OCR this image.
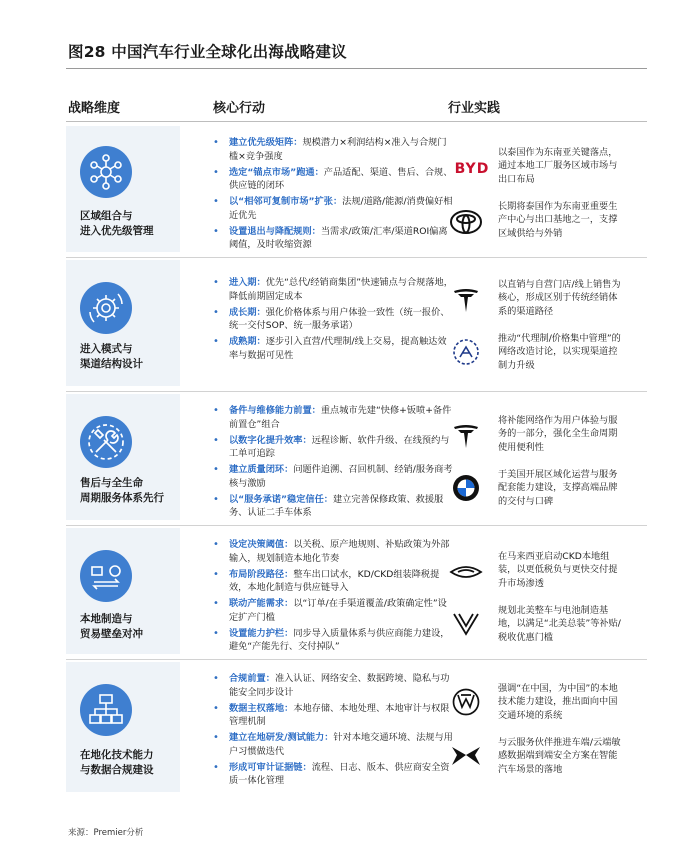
图28 中国汽车行业全球化出海战略建议
战略维度	核心行动	行业实践
区域组合与
进入优先级管理
• 建立优先级矩阵：规模潜力×利润结构×准入与合规门槛×竞争强度
• 选定“锚点市场”跑通：产品适配、渠道、售后、合规、供应链的闭环
• 以“相邻可复制市场”扩张：法规/道路/能源/消费偏好相近优先
• 设置退出与降配规则：当需求/政策/汇率/渠道ROI偏离阈值，及时收缩资源
BYD
以泰国作为东南亚关键落点，通过本地工厂服务区域市场与出口布局
长期将泰国作为东南亚重要生产中心与出口基地之一，支撑区域供给与外销
进入模式与
渠道结构设计
• 进入期：优先“总代/经销商集团”快速铺点与合规落地，降低前期固定成本
• 成长期：强化价格体系与用户体验一致性（统一报价、统一交付SOP、统一服务承诺）
• 成熟期：逐步引入直营/代理制/线上交易，提高触达效率与数据可见性
以直销与自营门店/线上销售为核心，形成区别于传统经销体系的渠道路径
推动“代理制/价格集中管理”的网络改造讨论，以实现渠道控制力升级
售后与全生命
周期服务体系先行
• 备件与维修能力前置：重点城市先建“快修+钣喷+备件前置仓”组合
• 以数字化提升效率：远程诊断、软件升级、在线预约与工单可追踪
• 建立质量闭环：问题件追溯、召回机制、经销/服务商考核与激励
• 以“服务承诺”稳定信任：建立完善保修政策、救援服务、认证二手车体系
将补能网络作为用户体验与服务的一部分，强化全生命周期使用便利性
于美国开展区域化运营与服务配套能力建设，支撑高端品牌的交付与口碑
本地制造与
贸易壁垒对冲
• 设定决策阈值：以关税、原产地规则、补贴政策为外部输入，规划制造本地化节奏
• 布局阶段路径：整车出口试水，KD/CKD组装降税提效，本地化制造与供应链导入
• 联动产能需求：以“订单/在手渠道覆盖/政策确定性”设定扩产门槛
• 设置能力护栏：同步导入质量体系与供应商能力建设，避免“产能先行、交付掉队”
在马来西亚启动CKD本地组装，以更低税负与更快交付提升市场渗透
规划北美整车与电池制造基地，以满足“北美总装”等补贴/税收优惠门槛
在地化技术能力
与数据合规建设
• 合规前置：准入认证、网络安全、数据跨境、隐私与功能安全同步设计
• 数据主权落地：本地存储、本地处理、本地审计与权限管理机制
• 建立在地研发/测试能力：针对本地交通环境、法规与用户习惯做迭代
• 形成可审计证据链：流程、日志、版本、供应商安全资质一体化管理
强调“在中国，为中国”的本地技术能力建设，推出面向中国交通环境的系统
与云服务伙伴推进车端/云端敏感数据端到端安全方案在智能汽车场景的落地
来源：Premier分析
